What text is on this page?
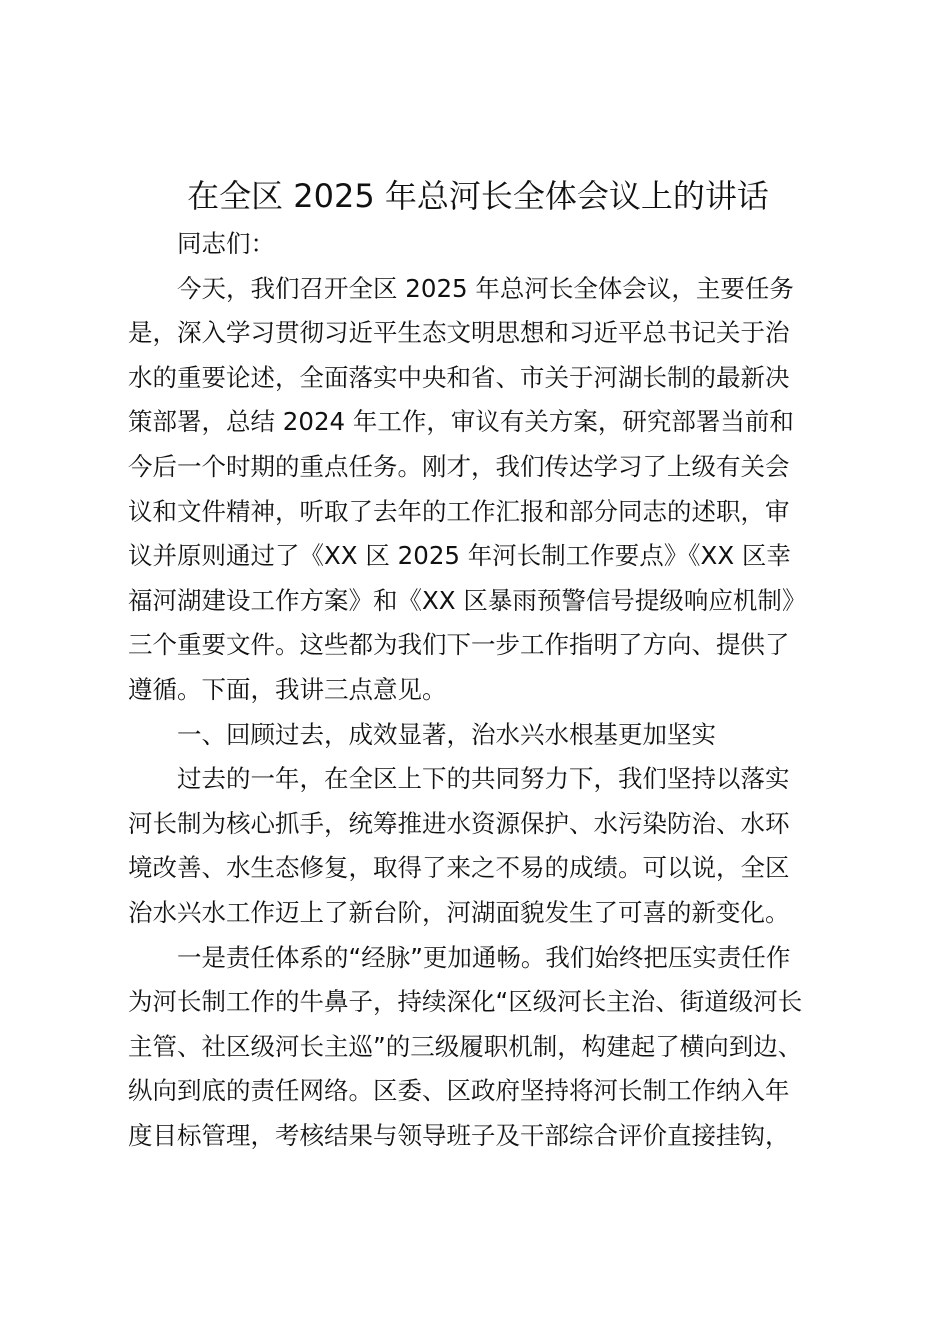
在全区 2025 年总河长全体会议上的讲话
　　同志们：
　　今天，我们召开全区 2025 年总河长全体会议，主要任务
是，深入学习贯彻习近平生态文明思想和习近平总书记关于治
水的重要论述，全面落实中央和省、市关于河湖长制的最新决
策部署，总结 2024 年工作，审议有关方案，研究部署当前和
今后一个时期的重点任务。刚才，我们传达学习了上级有关会
议和文件精神，听取了去年的工作汇报和部分同志的述职，审
议并原则通过了《XX 区 2025 年河长制工作要点》《XX 区幸
福河湖建设工作方案》和《XX 区暴雨预警信号提级响应机制》
三个重要文件。这些都为我们下一步工作指明了方向、提供了
遵循。下面，我讲三点意见。
　　一、回顾过去，成效显著，治水兴水根基更加坚实
　　过去的一年，在全区上下的共同努力下，我们坚持以落实
河长制为核心抓手，统筹推进水资源保护、水污染防治、水环
境改善、水生态修复，取得了来之不易的成绩。可以说，全区
治水兴水工作迈上了新台阶，河湖面貌发生了可喜的新变化。
　　一是责任体系的“经脉”更加通畅。我们始终把压实责任作
为河长制工作的牛鼻子，持续深化“区级河长主治、街道级河长
主管、社区级河长主巡”的三级履职机制，构建起了横向到边、
纵向到底的责任网络。区委、区政府坚持将河长制工作纳入年
度目标管理，考核结果与领导班子及干部综合评价直接挂钩，
